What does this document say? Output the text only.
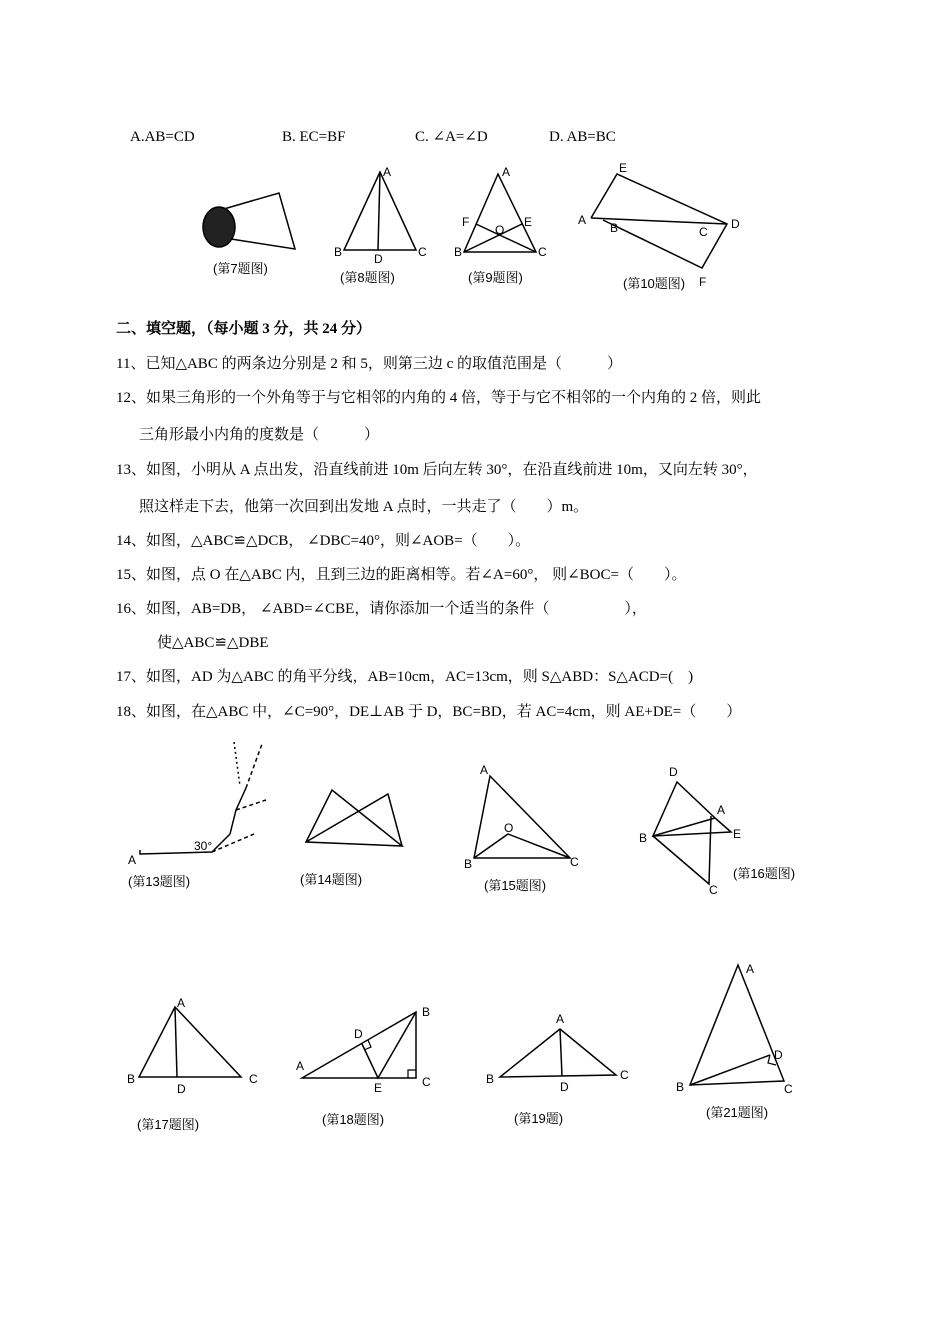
A.AB=CD	B. EC=BF	C. ∠A=∠D	D. AB=BC
(第7题图)
A
B	C
D
(第8题图)
A
F	E
O
B	C
(第9题图)
E
A
B	C
D
F
(第10题图)
二、填空题，（每小题 3 分，共 24 分）
11、已知△ABC 的两条边分别是 2 和 5，则第三边 c 的取值范围是（　　　）
12、如果三角形的一个外角等于与它相邻的内角的 4 倍，等于与它不相邻的一个内角的 2 倍，则此
三角形最小内角的度数是（　　　）
13、如图，小明从 A 点出发，沿直线前进 10m 后向左转 30°，在沿直线前进 10m，又向左转 30°，
照这样走下去，他第一次回到出发地 A 点时，一共走了（　　）m。
14、如图，△ABC≌△DCB， ∠DBC=40°，则∠AOB=（　　）。
15、如图，点 O 在△ABC 内，且到三边的距离相等。若∠A=60°， 则∠BOC=（　　）。
16、如图，AB=DB， ∠ABD=∠CBE，请你添加一个适当的条件（　　　　　），
使△ABC≌△DBE
17、如图，AD 为△ABC 的角平分线，AB=10cm，AC=13cm，则 S△ABD：S△ACD=(　)
18、如图，在△ABC 中，∠C=90°，DE⊥AB 于 D，BC=BD，若 AC=4cm，则 AE+DE=（　　）
A
30°
(第13题图)	(第14题图)
A
O
B	C
(第15题图)
D
A
B	E
C
(第16题图)
A
B	C
D
(第17题图)
A
D
B
E	C
(第18题图)
A
B	C
D
(第19题)
A
D
B	C
(第21题图)
